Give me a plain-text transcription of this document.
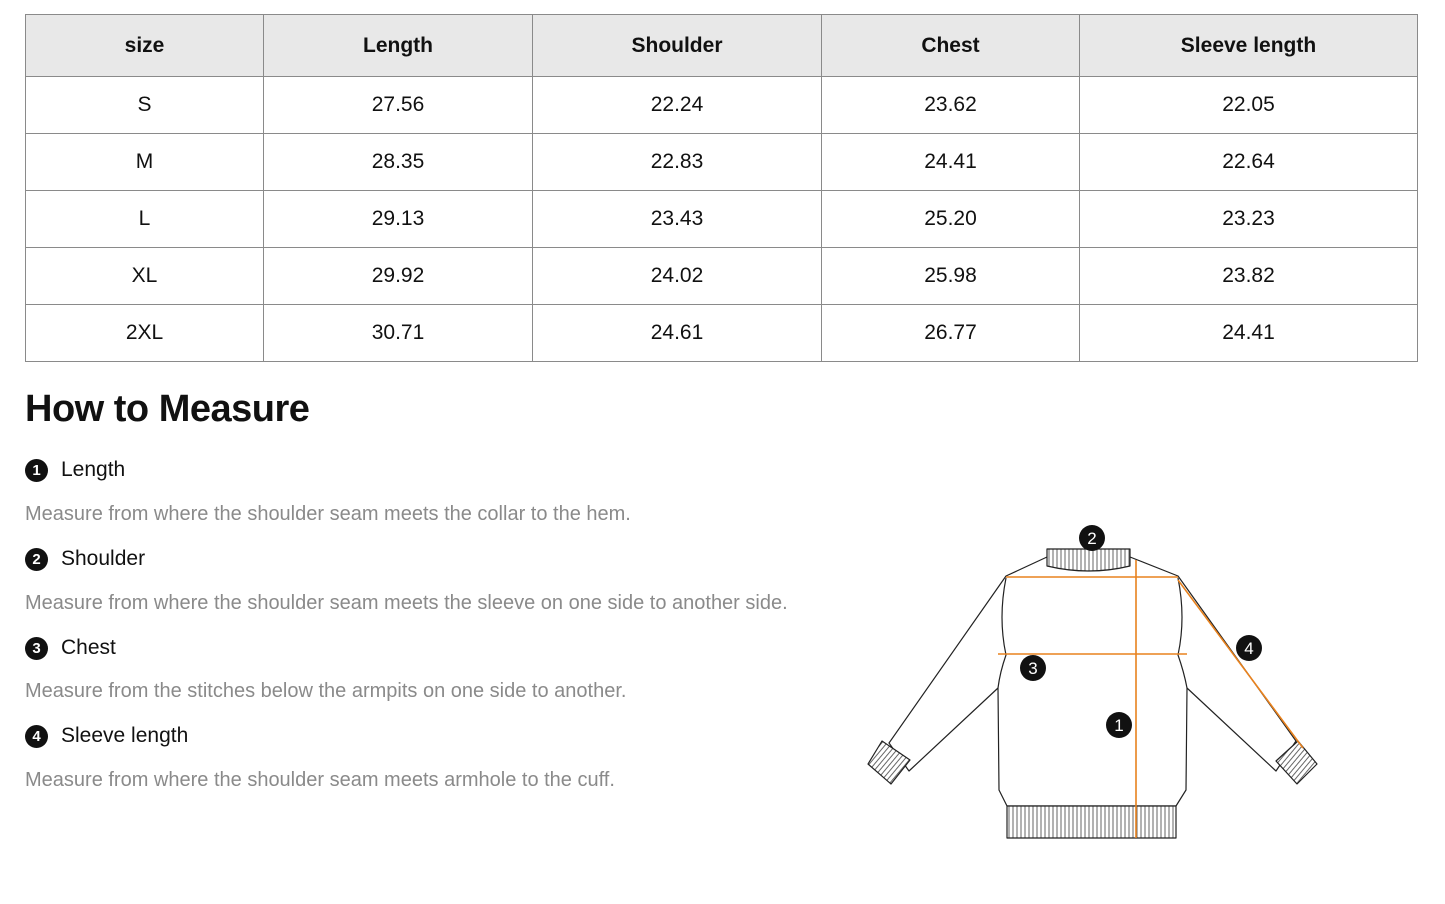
size	Length	Shoulder	Chest	Sleeve length
S	27.56	22.24	23.62	22.05
M	28.35	22.83	24.41	22.64
L	29.13	23.43	25.20	23.23
XL	29.92	24.02	25.98	23.82
2XL	30.71	24.61	26.77	24.41
How to Measure
1 Length
Measure from where the shoulder seam meets the collar to the hem.
2 Shoulder
Measure from where the shoulder seam meets the sleeve on one side to another side.
3 Chest
Measure from the stitches below the armpits on one side to another.
4 Sleeve length
Measure from where the shoulder seam meets armhole to the cuff.
1
2
3
4
